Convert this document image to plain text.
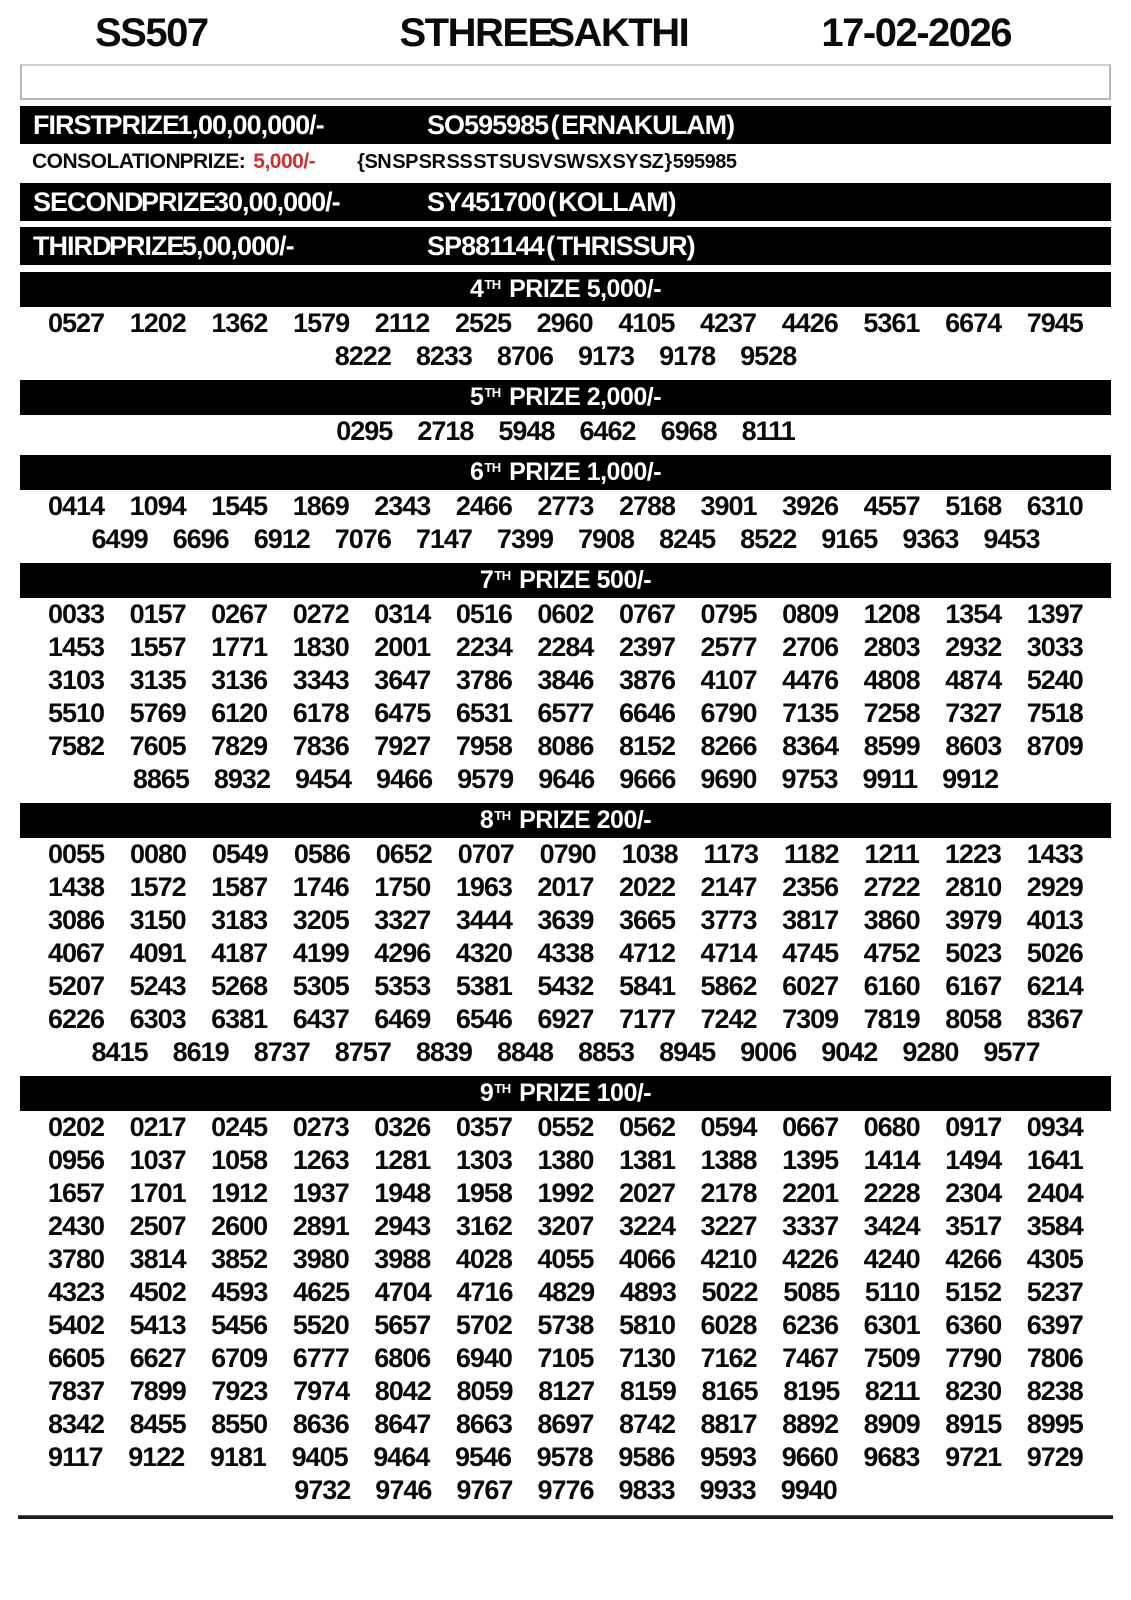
SS507	STHREE SAKTHI	17-02-2026
FIRST PRIZE 1,00,00,000/-	SO595985 ( ERNAKULAM)
CONSOLATION PRIZE: 5,000/- {SN SP SR SS ST SU SV SW SX SY SZ } 595985
SECOND PRIZE 30,00,000/-	SY451700 ( KOLLAM)
THIRD PRIZE 5,00,000/-	SP881144 ( THRISSUR)
4TH PRIZE 5,000/-
0527 1202 1362 1579 2112 2525 2960 4105 4237 4426 5361 6674 7945
8222 8233 8706 9173 9178 9528
5TH PRIZE 2,000/-
0295 2718 5948 6462 6968 8111
6TH PRIZE 1,000/-
0414 1094 1545 1869 2343 2466 2773 2788 3901 3926 4557 5168 6310
6499 6696 6912 7076 7147 7399 7908 8245 8522 9165 9363 9453
7TH PRIZE 500/-
0033 0157 0267 0272 0314 0516 0602 0767 0795 0809 1208 1354 1397
1453 1557 1771 1830 2001 2234 2284 2397 2577 2706 2803 2932 3033
3103 3135 3136 3343 3647 3786 3846 3876 4107 4476 4808 4874 5240
5510 5769 6120 6178 6475 6531 6577 6646 6790 7135 7258 7327 7518
7582 7605 7829 7836 7927 7958 8086 8152 8266 8364 8599 8603 8709
8865 8932 9454 9466 9579 9646 9666 9690 9753 9911 9912
8TH PRIZE 200/-
0055 0080 0549 0586 0652 0707 0790 1038 1173 1182 1211 1223 1433
1438 1572 1587 1746 1750 1963 2017 2022 2147 2356 2722 2810 2929
3086 3150 3183 3205 3327 3444 3639 3665 3773 3817 3860 3979 4013
4067 4091 4187 4199 4296 4320 4338 4712 4714 4745 4752 5023 5026
5207 5243 5268 5305 5353 5381 5432 5841 5862 6027 6160 6167 6214
6226 6303 6381 6437 6469 6546 6927 7177 7242 7309 7819 8058 8367
8415 8619 8737 8757 8839 8848 8853 8945 9006 9042 9280 9577
9TH PRIZE 100/-
0202 0217 0245 0273 0326 0357 0552 0562 0594 0667 0680 0917 0934
0956 1037 1058 1263 1281 1303 1380 1381 1388 1395 1414 1494 1641
1657 1701 1912 1937 1948 1958 1992 2027 2178 2201 2228 2304 2404
2430 2507 2600 2891 2943 3162 3207 3224 3227 3337 3424 3517 3584
3780 3814 3852 3980 3988 4028 4055 4066 4210 4226 4240 4266 4305
4323 4502 4593 4625 4704 4716 4829 4893 5022 5085 5110 5152 5237
5402 5413 5456 5520 5657 5702 5738 5810 6028 6236 6301 6360 6397
6605 6627 6709 6777 6806 6940 7105 7130 7162 7467 7509 7790 7806
7837 7899 7923 7974 8042 8059 8127 8159 8165 8195 8211 8230 8238
8342 8455 8550 8636 8647 8663 8697 8742 8817 8892 8909 8915 8995
9117 9122 9181 9405 9464 9546 9578 9586 9593 9660 9683 9721 9729
9732 9746 9767 9776 9833 9933 9940
